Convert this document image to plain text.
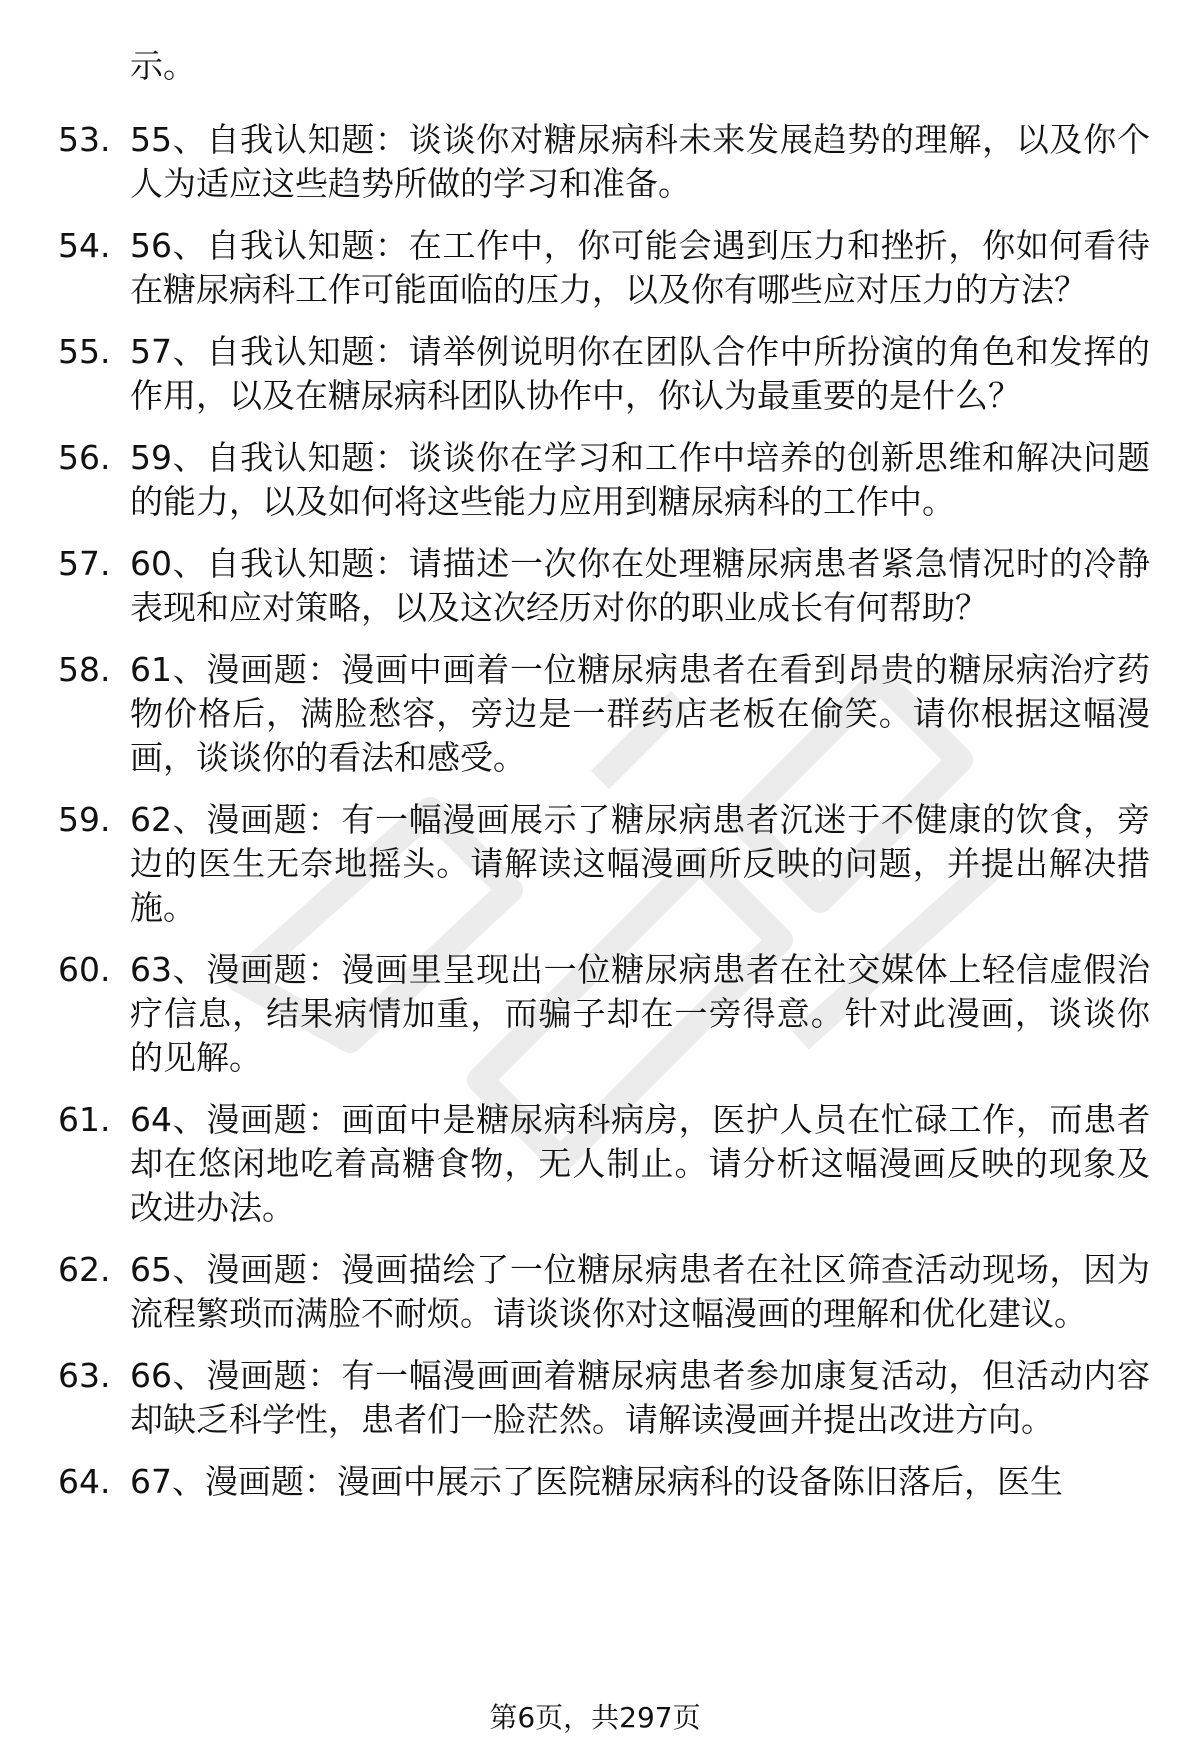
示。

53. 55、自我认知题：谈谈你对糖尿病科未来发展趋势的理解，以及你个人为适应这些趋势所做的学习和准备。
54. 56、自我认知题：在工作中，你可能会遇到压力和挫折，你如何看待在糖尿病科工作可能面临的压力，以及你有哪些应对压力的方法？
55. 57、自我认知题：请举例说明你在团队合作中所扮演的角色和发挥的作用，以及在糖尿病科团队协作中，你认为最重要的是什么？
56. 59、自我认知题：谈谈你在学习和工作中培养的创新思维和解决问题的能力，以及如何将这些能力应用到糖尿病科的工作中。
57. 60、自我认知题：请描述一次你在处理糖尿病患者紧急情况时的冷静表现和应对策略，以及这次经历对你的职业成长有何帮助？
58. 61、漫画题：漫画中画着一位糖尿病患者在看到昂贵的糖尿病治疗药物价格后，满脸愁容，旁边是一群药店老板在偷笑。请你根据这幅漫画，谈谈你的看法和感受。
59. 62、漫画题：有一幅漫画展示了糖尿病患者沉迷于不健康的饮食，旁边的医生无奈地摇头。请解读这幅漫画所反映的问题，并提出解决措施。
60. 63、漫画题：漫画里呈现出一位糖尿病患者在社交媒体上轻信虚假治疗信息，结果病情加重，而骗子却在一旁得意。针对此漫画，谈谈你的见解。
61. 64、漫画题：画面中是糖尿病科病房，医护人员在忙碌工作，而患者却在悠闲地吃着高糖食物，无人制止。请分析这幅漫画反映的现象及改进办法。
62. 65、漫画题：漫画描绘了一位糖尿病患者在社区筛查活动现场，因为流程繁琐而满脸不耐烦。请谈谈你对这幅漫画的理解和优化建议。
63. 66、漫画题：有一幅漫画画着糖尿病患者参加康复活动，但活动内容却缺乏科学性，患者们一脸茫然。请解读漫画并提出改进方向。
64. 67、漫画题：漫画中展示了医院糖尿病科的设备陈旧落后，医生
第6页，共297页
